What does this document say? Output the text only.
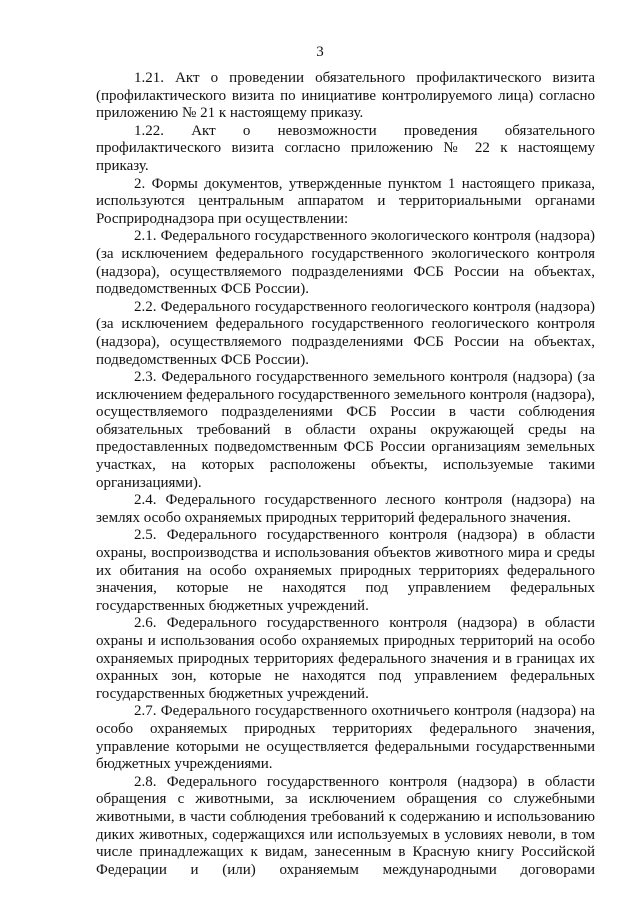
3

1.21. Акт о проведении обязательного профилактического визита (профилактического визита по инициативе контролируемого лица) согласно приложению № 21 к настоящему приказу.

1.22. Акт о невозможности проведения обязательного профилактического визита согласно приложению № 22 к настоящему приказу.

2. Формы документов, утвержденные пунктом 1 настоящего приказа, используются центральным аппаратом и территориальными органами Росприроднадзора при осуществлении:

2.1. Федерального государственного экологического контроля (надзора) (за исключением федерального государственного экологического контроля (надзора), осуществляемого подразделениями ФСБ России на объектах, подведомственных ФСБ России).

2.2. Федерального государственного геологического контроля (надзора) (за исключением федерального государственного геологического контроля (надзора), осуществляемого подразделениями ФСБ России на объектах, подведомственных ФСБ России).

2.3. Федерального государственного земельного контроля (надзора) (за исключением федерального государственного земельного контроля (надзора), осуществляемого подразделениями ФСБ России в части соблюдения обязательных требований в области охраны окружающей среды на предоставленных подведомственным ФСБ России организациям земельных участках, на которых расположены объекты, используемые такими организациями).

2.4. Федерального государственного лесного контроля (надзора) на землях особо охраняемых природных территорий федерального значения.

2.5. Федерального государственного контроля (надзора) в области охраны, воспроизводства и использования объектов животного мира и среды их обитания на особо охраняемых природных территориях федерального значения, которые не находятся под управлением федеральных государственных бюджетных учреждений.

2.6. Федерального государственного контроля (надзора) в области охраны и использования особо охраняемых природных территорий на особо охраняемых природных территориях федерального значения и в границах их охранных зон, которые не находятся под управлением федеральных государственных бюджетных учреждений.

2.7. Федерального государственного охотничьего контроля (надзора) на особо охраняемых природных территориях федерального значения, управление которыми не осуществляется федеральными государственными бюджетных учреждениями.

2.8. Федерального государственного контроля (надзора) в области обращения с животными, за исключением обращения со служебными животными, в части соблюдения требований к содержанию и использованию диких животных, содержащихся или используемых в условиях неволи, в том числе принадлежащих к видам, занесенным в Красную книгу Российской Федерации и (или) охраняемым международными договорами
